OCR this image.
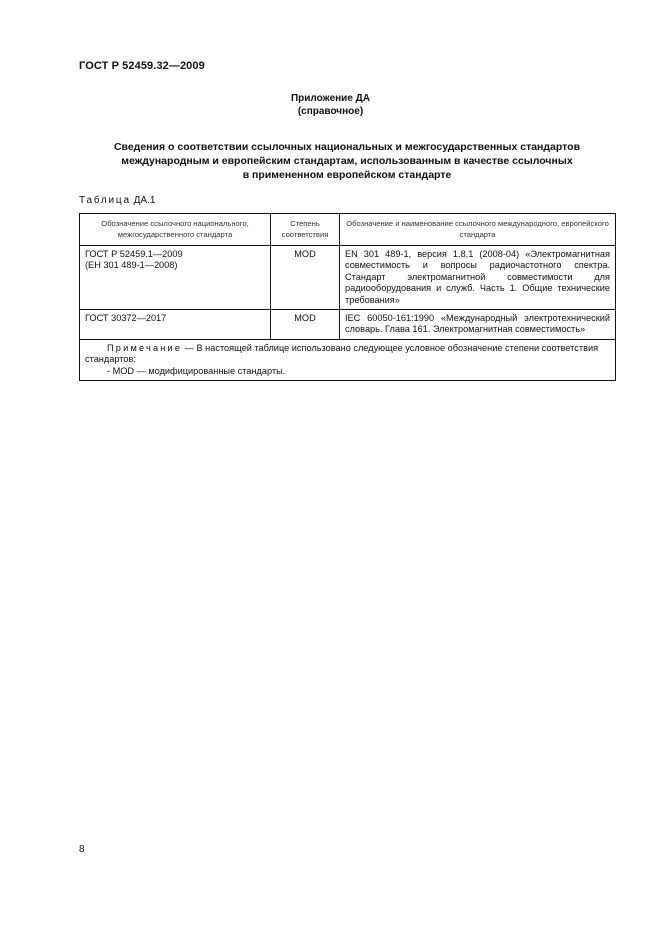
ГОСТ Р 52459.32—2009
Приложение ДА
(справочное)
Сведения о соответствии ссылочных национальных и межгосударственных стандартов
международным и европейским стандартам, использованным в качестве ссылочных
в примененном европейском стандарте
Таблица ДА.1
Обозначение ссылочного национального, межгосударственного стандарта	Степень соответствия	Обозначение и наименование ссылочного международного, европейского стандарта

ГОСТ Р 52459.1—2009
(ЕН 301 489-1—2008)	MOD	EN 301 489-1, версия 1.8.1 (2008-04) «Электромагнитная совместимость и вопросы радиочастотного спектра. Стандарт электромагнитной совместимости для радиооборудования и служб. Часть 1. Общие технические требования»
ГОСТ 30372—2017	MOD	IEC 60050-161:1990 «Международный электротехнический словарь. Глава 161. Электромагнитная совместимость»

Примечание — В настоящей таблице использовано следующее условное обозначение степени соответствия стандартов:
- MOD — модифицированные стандарты.		
8
